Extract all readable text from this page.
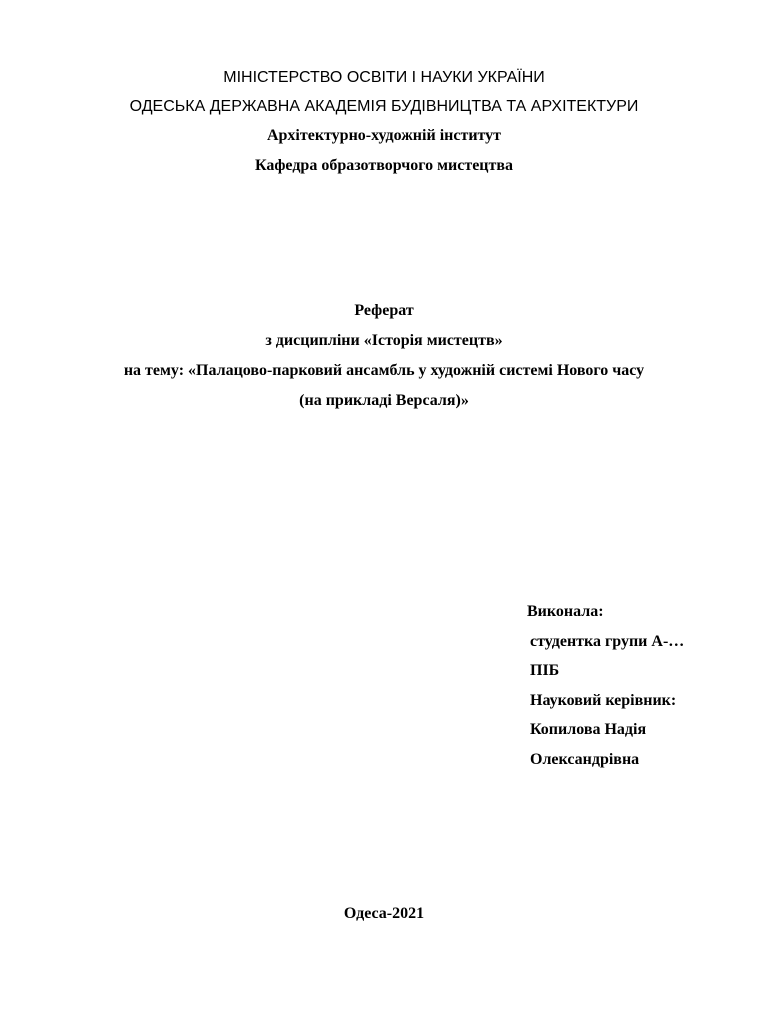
МІНІСТЕРСТВО ОСВІТИ І НАУКИ УКРАЇНИ
ОДЕСЬКА ДЕРЖАВНА АКАДЕМІЯ БУДІВНИЦТВА ТА АРХІТЕКТУРИ
Архітектурно-художній інститут
Кафедра образотворчого мистецтва
Реферат
з дисципліни «Історія мистецтв»
на тему: «Палацово-парковий ансамбль у художній системі Нового часу
(на прикладі Версаля)»
Виконала:
студентка групи А-…
ПІБ
Науковий керівник:
Копилова Надія
Олександрівна
Одеса-2021
